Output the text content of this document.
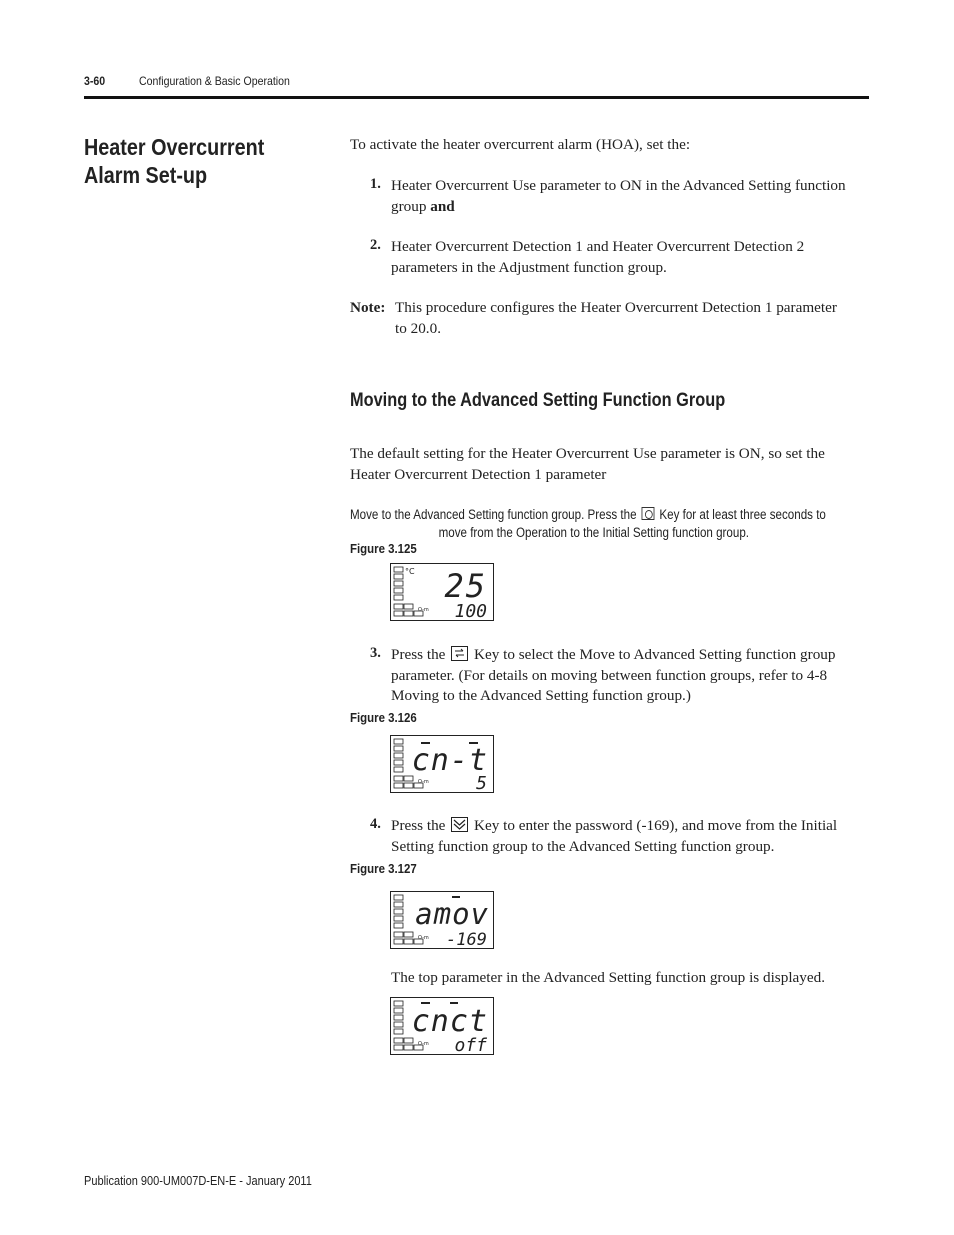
3-60	Configuration & Basic Operation
Heater Overcurrent Alarm Set-up
To activate the heater overcurrent alarm (HOA), set the:
1. Heater Overcurrent Use parameter to ON in the Advanced Setting function group and
2. Heater Overcurrent Detection 1 and Heater Overcurrent Detection 2 parameters in the Adjustment function group.
Note: This procedure configures the Heater Overcurrent Detection 1 parameter to 20.0.
Moving to the Advanced Setting Function Group
The default setting for the Heater Overcurrent Use parameter is ON, so set the Heater Overcurrent Detection 1 parameter
Move to the Advanced Setting function group. Press the Key for at least three seconds to
move from the Operation to the Initial Setting function group.
Figure 3.125
°C
O-m
25
100
3. Press the Key to select the Move to Advanced Setting function group parameter. (For details on moving between function groups, refer to 4-8 Moving to the Advanced Setting function group.)
Figure 3.126
O-m
cn-t
5
4. Press the Key to enter the password (-169), and move from the Initial Setting function group to the Advanced Setting function group.
Figure 3.127
O-m
amov
-169
The top parameter in the Advanced Setting function group is displayed.
O-m
cnct
off
Publication 900-UM007D-EN-E - January 2011
